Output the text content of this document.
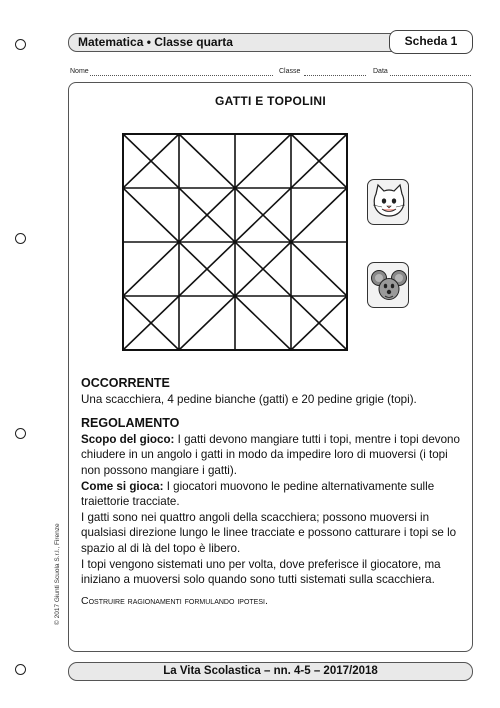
Matematica • Classe quarta	Scheda 1
Nome	Classe	Data
GATTI E TOPOLINI

OCCORRENTE

Una scacchiera, 4 pedine bianche (gatti) e 20 pedine grigie (topi).

REGOLAMENTO

Scopo del gioco: I gatti devono mangiare tutti i topi, mentre i topi devono chiudere in un angolo i gatti in modo da impedire loro di muoversi (i topi non possono mangiare i gatti).

Come si gioca: I giocatori muovono le pedine alternativamente sulle traiettorie tracciate.

I gatti sono nei quattro angoli della scacchiera; possono muoversi in qualsiasi direzione lungo le linee tracciate e possono catturare i topi se lo spazio al di là del topo è libero.

I topi vengono sistemati uno per volta, dove preferisce il giocatore, ma iniziano a muoversi solo quando sono tutti sistemati sulla scacchiera.

Costruire ragionamenti formulando ipotesi.

© 2017 Giunti Scuola S.r.l., Firenze
La Vita Scolastica – nn. 4-5 – 2017/2018
